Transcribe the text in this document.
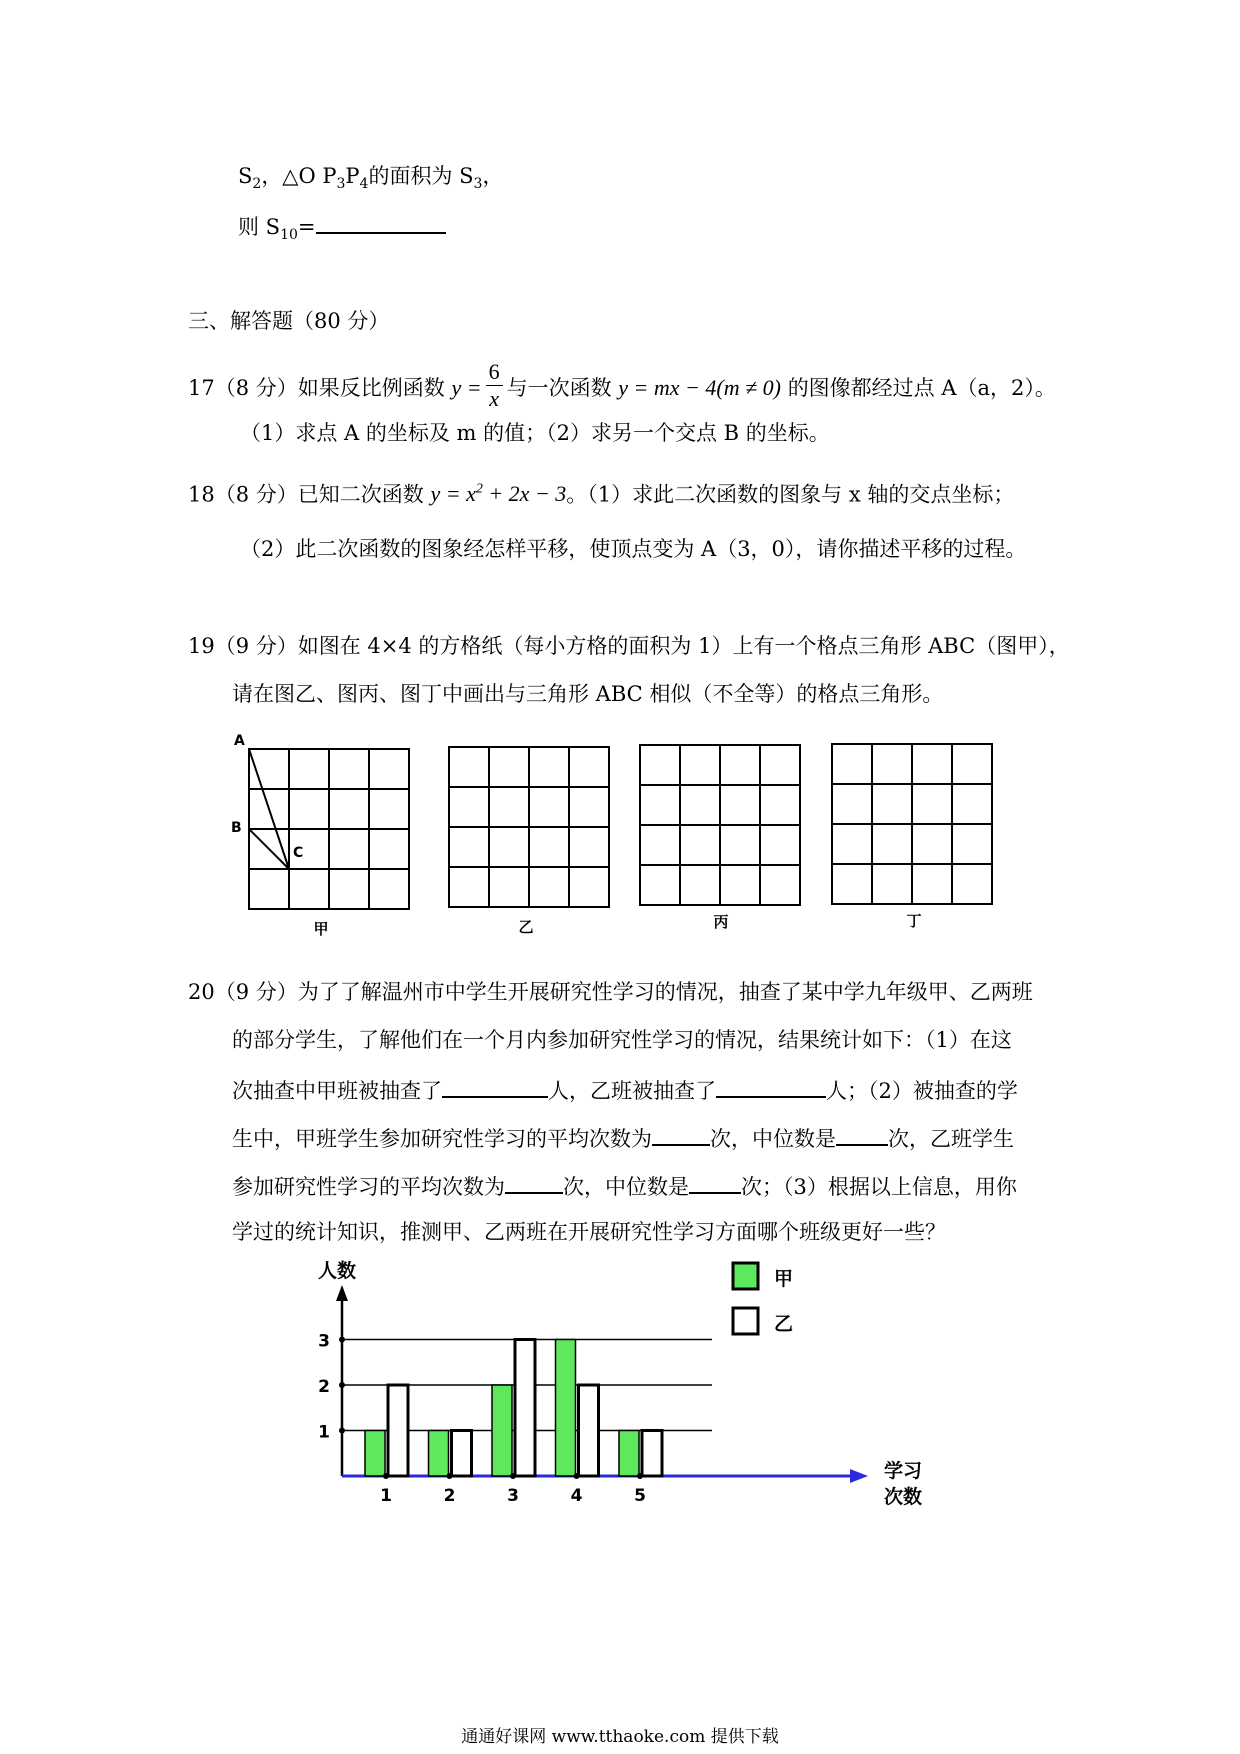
$S_2$，△O $P_3P_4$的面积为 $S_3$，
则 $S_{10}=$
三、解答题（80 分）
17（8 分）如果反比例函数 $y = \frac{6}{x}$ 与一次函数 y = mx − 4(m ≠ 0) 的图像都经过点 A（a，2）。
（1）求点 A 的坐标及 m 的值；（2）求另一个交点 B 的坐标。
18（8 分）已知二次函数 $y = x^2 + 2x - 3$。（1）求此二次函数的图象与 x 轴的交点坐标；
（2）此二次函数的图象经怎样平移，使顶点变为 A（3，0），请你描述平移的过程。
19（9 分）如图在 4×4 的方格纸（每小方格的面积为 1）上有一个格点三角形 ABC（图甲），
请在图乙、图丙、图丁中画出与三角形 ABC 相似（不全等）的格点三角形。
A
B
C
甲	乙	丙	丁
20（9 分）为了了解温州市中学生开展研究性学习的情况，抽查了某中学九年级甲、乙两班
的部分学生，了解他们在一个月内参加研究性学习的情况，结果统计如下：（1）在这
次抽查中甲班被抽查了	人，乙班被抽查了	人；（2）被抽查的学
生中，甲班学生参加研究性学习的平均次数为	次，中位数是 次，乙班学生
参加研究性学习的平均次数为	次，中位数是 次；（3）根据以上信息，用你
学过的统计知识，推测甲、乙两班在开展研究性学习方面哪个班级更好一些？
人数
1	2	3	4	5
1
2
3
学习
次数
甲
乙
通通好课网 www.tthaoke.com 提供下载
